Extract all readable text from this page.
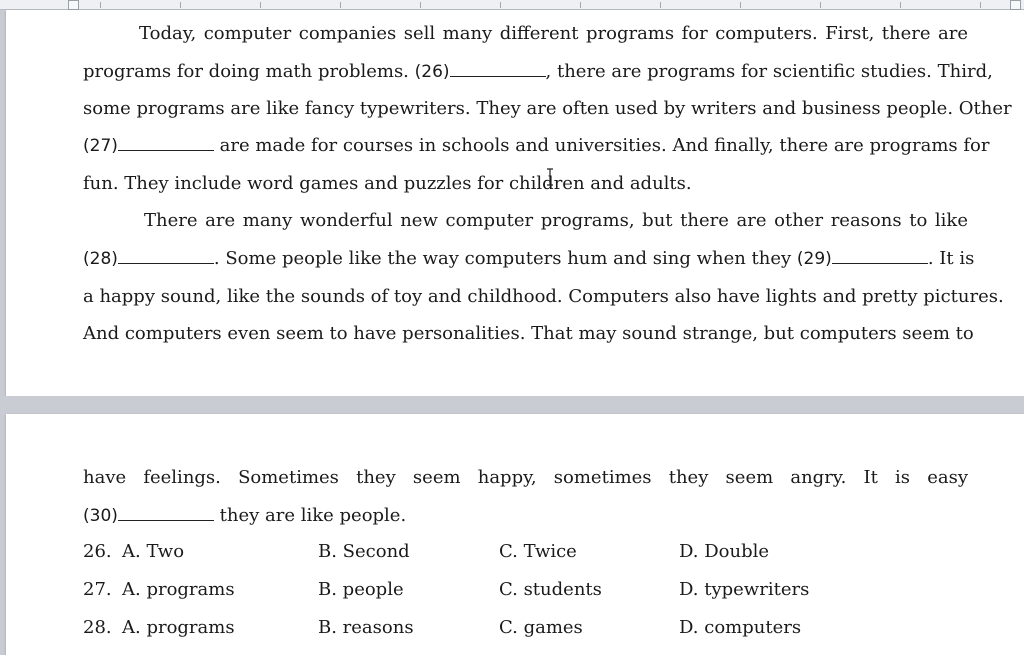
Today, computer companies sell many different programs for computers. First, there are
programs for doing math problems. (26)	, there are programs for scientific studies. Third,
some programs are like fancy typewriters. They are often used by writers and business people. Other
(27)	are made for courses in schools and universities. And finally, there are programs for
fun. They include word games and puzzles for children and adults.
There are many wonderful new computer programs, but there are other reasons to like
(28)	. Some people like the way computers hum and sing when they (29)	. It is
a happy sound, like the sounds of toy and childhood. Computers also have lights and pretty pictures.
And computers even seem to have personalities. That may sound strange, but computers seem to
have feelings. Sometimes they seem happy, sometimes they seem angry. It is easy
(30)	they are like people.
26. A. Two	B. Second	C. Twice	D. Double
27. A. programs	B. people	C. students	D. typewriters
28. A. programs	B. reasons	C. games	D. computers
